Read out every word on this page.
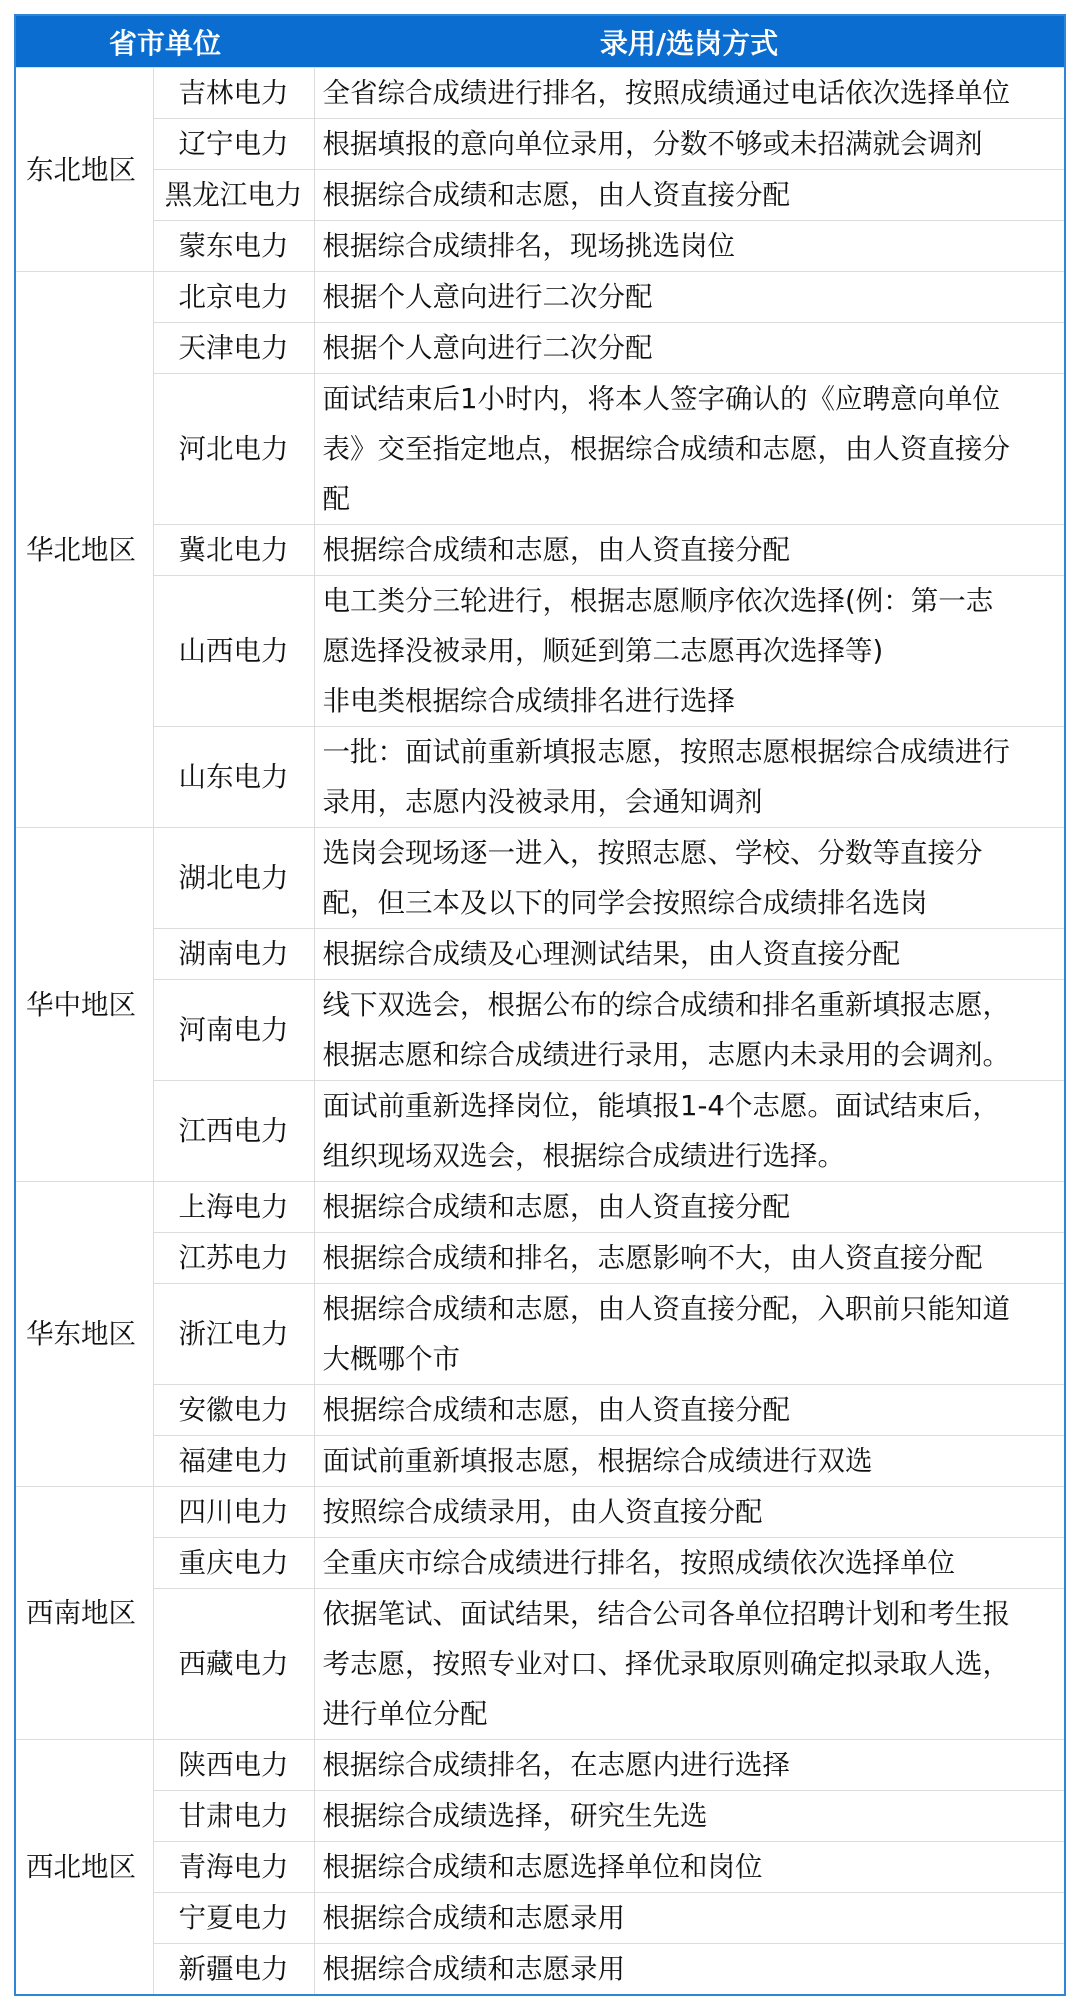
省市单位		录用/选岗方式
东北地区	吉林电力	全省综合成绩进行排名，按照成绩通过电话依次选择单位
	辽宁电力	根据填报的意向单位录用，分数不够或未招满就会调剂
	黑龙江电力	根据综合成绩和志愿，由人资直接分配
	蒙东电力	根据综合成绩排名，现场挑选岗位
华北地区	北京电力	根据个人意向进行二次分配
	天津电力	根据个人意向进行二次分配
	河北电力	面试结束后1小时内，将本人签字确认的《应聘意向单位
表》交至指定地点，根据综合成绩和志愿，由人资直接分
配
	冀北电力	根据综合成绩和志愿，由人资直接分配
	山西电力	电工类分三轮进行，根据志愿顺序依次选择(例：第一志
愿选择没被录用，顺延到第二志愿再次选择等)
非电类根据综合成绩排名进行选择
	山东电力	一批：面试前重新填报志愿，按照志愿根据综合成绩进行
录用，志愿内没被录用，会通知调剂
华中地区	湖北电力	选岗会现场逐一进入，按照志愿、学校、分数等直接分
配，但三本及以下的同学会按照综合成绩排名选岗
	湖南电力	根据综合成绩及心理测试结果，由人资直接分配
	河南电力	线下双选会，根据公布的综合成绩和排名重新填报志愿，
根据志愿和综合成绩进行录用，志愿内未录用的会调剂。
	江西电力	面试前重新选择岗位，能填报1-4个志愿。面试结束后，
组织现场双选会，根据综合成绩进行选择。
华东地区	上海电力	根据综合成绩和志愿，由人资直接分配
	江苏电力	根据综合成绩和排名，志愿影响不大，由人资直接分配
	浙江电力	根据综合成绩和志愿，由人资直接分配，入职前只能知道
大概哪个市
	安徽电力	根据综合成绩和志愿，由人资直接分配
	福建电力	面试前重新填报志愿，根据综合成绩进行双选
西南地区	四川电力	按照综合成绩录用，由人资直接分配
	重庆电力	全重庆市综合成绩进行排名，按照成绩依次选择单位
	西藏电力	依据笔试、面试结果，结合公司各单位招聘计划和考生报
考志愿，按照专业对口、择优录取原则确定拟录取人选，
进行单位分配
西北地区	陕西电力	根据综合成绩排名，在志愿内进行选择
	甘肃电力	根据综合成绩选择，研究生先选
	青海电力	根据综合成绩和志愿选择单位和岗位
	宁夏电力	根据综合成绩和志愿录用
	新疆电力	根据综合成绩和志愿录用
